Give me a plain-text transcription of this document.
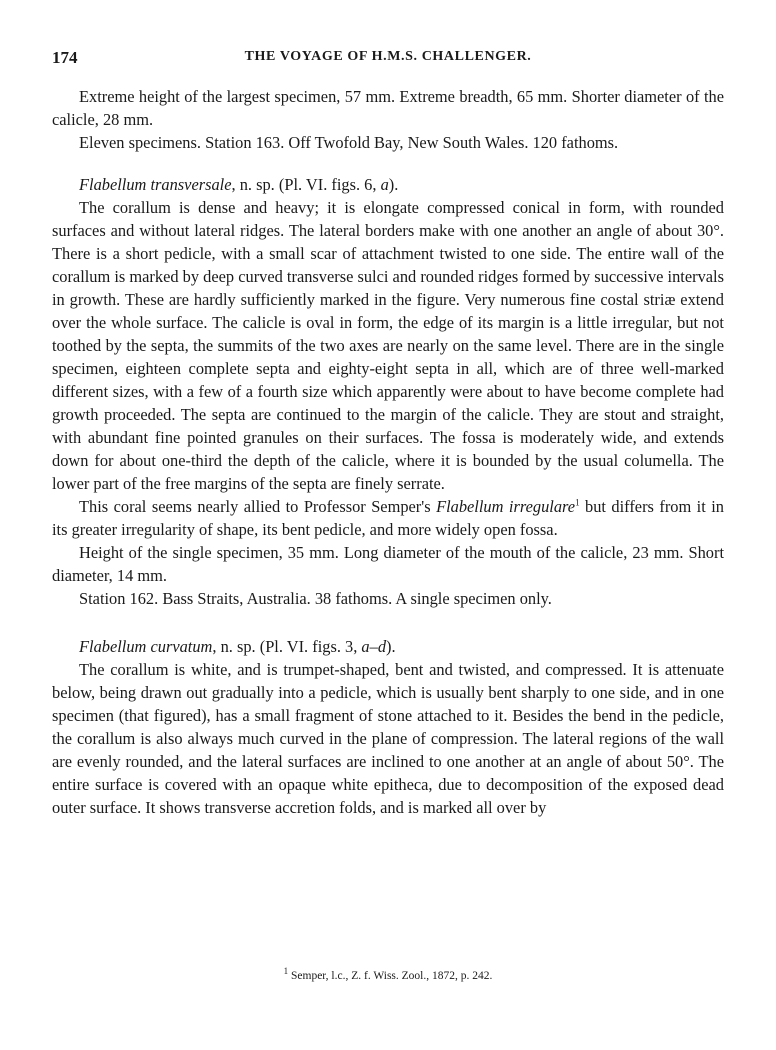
174	THE VOYAGE OF H.M.S. CHALLENGER.

Extreme height of the largest specimen, 57 mm. Extreme breadth, 65 mm. Shorter diameter of the calicle, 28 mm.

Eleven specimens. Station 163. Off Twofold Bay, New South Wales. 120 fathoms.

Flabellum transversale, n. sp. (Pl. VI. figs. 6, a).

The corallum is dense and heavy; it is elongate compressed conical in form, with rounded surfaces and without lateral ridges. The lateral borders make with one another an angle of about 30°. There is a short pedicle, with a small scar of attachment twisted to one side. The entire wall of the corallum is marked by deep curved transverse sulci and rounded ridges formed by successive intervals in growth. These are hardly sufficiently marked in the figure. Very numerous fine costal striæ extend over the whole surface. The calicle is oval in form, the edge of its margin is a little irregular, but not toothed by the septa, the summits of the two axes are nearly on the same level. There are in the single specimen, eighteen complete septa and eighty-eight septa in all, which are of three well-marked different sizes, with a few of a fourth size which apparently were about to have become complete had growth proceeded. The septa are continued to the margin of the calicle. They are stout and straight, with abundant fine pointed granules on their surfaces. The fossa is moderately wide, and extends down for about one-third the depth of the calicle, where it is bounded by the usual columella. The lower part of the free margins of the septa are finely serrate.

This coral seems nearly allied to Professor Semper's Flabellum irregulare$^1$ but differs from it in its greater irregularity of shape, its bent pedicle, and more widely open fossa.

Height of the single specimen, 35 mm. Long diameter of the mouth of the calicle, 23 mm. Short diameter, 14 mm.

Station 162. Bass Straits, Australia. 38 fathoms. A single specimen only.

Flabellum curvatum, n. sp. (Pl. VI. figs. 3, a–d).

The corallum is white, and is trumpet-shaped, bent and twisted, and compressed. It is attenuate below, being drawn out gradually into a pedicle, which is usually bent sharply to one side, and in one specimen (that figured), has a small fragment of stone attached to it. Besides the bend in the pedicle, the corallum is also always much curved in the plane of compression. The lateral regions of the wall are evenly rounded, and the lateral surfaces are inclined to one another at an angle of about 50°. The entire surface is covered with an opaque white epitheca, due to decomposition of the exposed dead outer surface. It shows transverse accretion folds, and is marked all over by

$^1$ Semper, l.c., Z. f. Wiss. Zool., 1872, p. 242.
